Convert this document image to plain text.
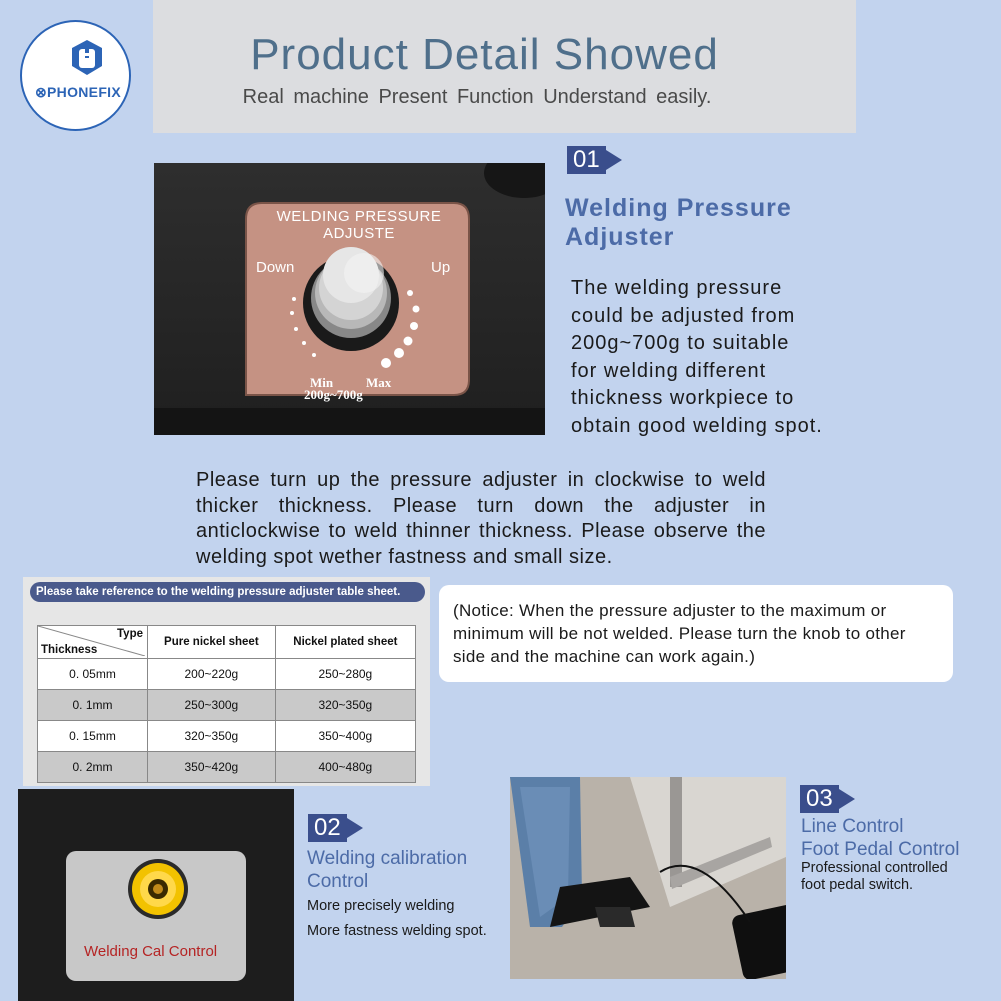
Product Detail Showed
Real machine Present Function Understand easily.
⊗PHONEFIX
WELDING PRESSURE
ADJUSTE
Down	Up
Min	Max
200g~700g
01
Welding Pressure
Adjuster
The welding pressure
could be adjusted from
200g~700g to suitable
for welding different
thickness workpiece to
obtain good welding spot.
Please turn up the pressure adjuster in clockwise to weld thicker thickness. Please turn down the adjuster in anticlockwise to weld thinner thickness. Please observe the welding spot wether fastness and small size.
Please take reference to the welding pressure adjuster table sheet.
Type
Thickness	Pure nickel sheet	Nickel plated sheet
0. 05mm	200~220g	250~280g
0. 1mm	250~300g	320~350g
0. 15mm	320~350g	350~400g
0. 2mm	350~420g	400~480g
(Notice: When the pressure adjuster to the maximum or minimum will be not welded. Please turn the knob to other side and the machine can work again.)
Welding Cal Control
02
Welding calibration
Control
More precisely welding
More fastness welding spot.
03
Line Control
Foot Pedal Control
Professional controlled
foot pedal switch.
